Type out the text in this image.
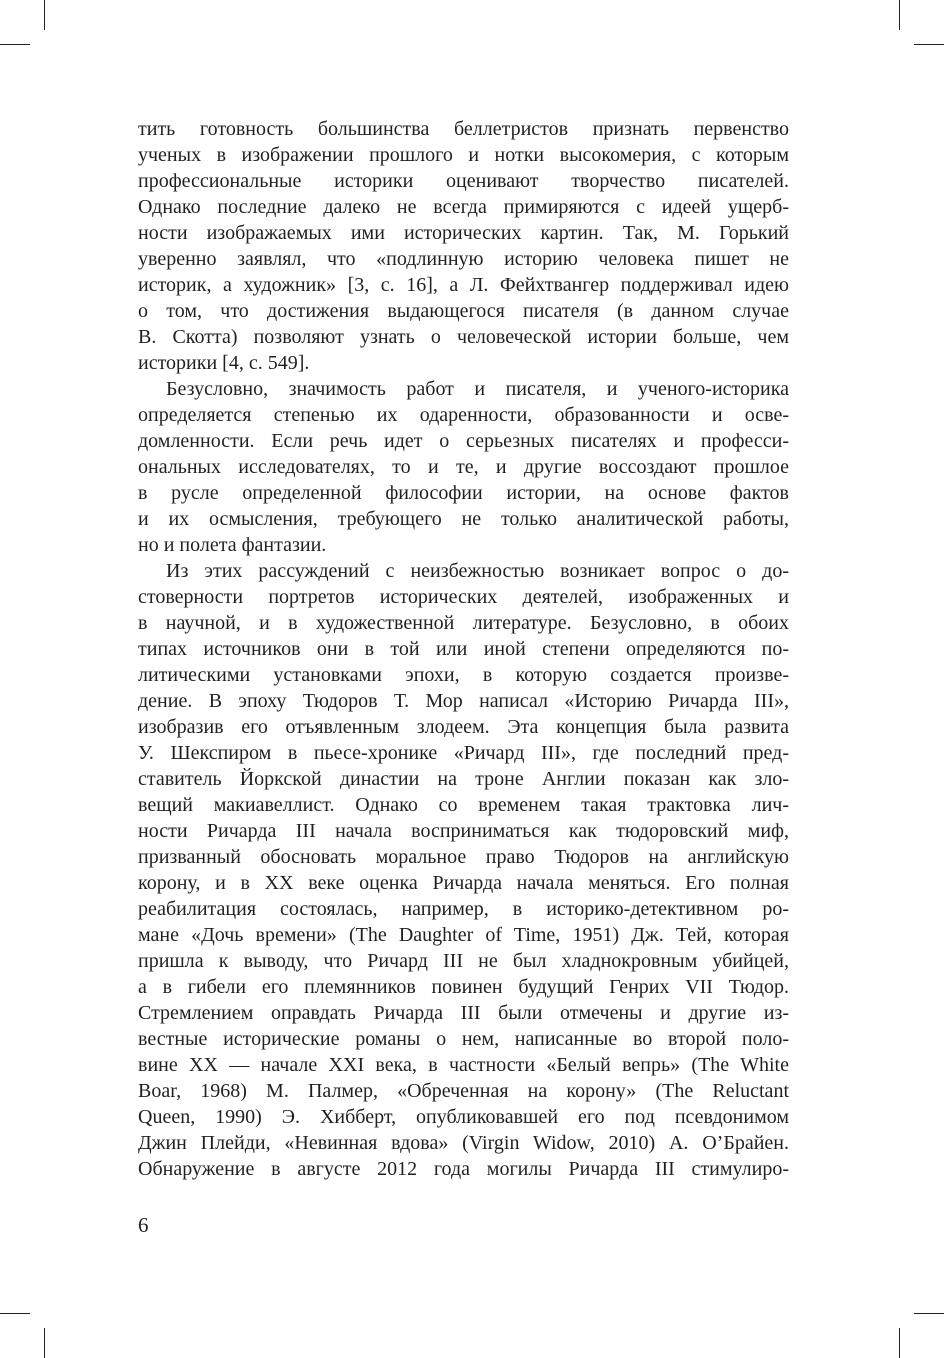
тить готовность большинства беллетристов признать первенство
ученых в изображении прошлого и нотки высокомерия, с которым
профессиональные историки оценивают творчество писателей.
Однако последние далеко не всегда примиряются с идеей ущерб-
ности изображаемых ими исторических картин. Так, М. Горький
уверенно заявлял, что «подлинную историю человека пишет не
историк, а художник» [3, с. 16], а Л. Фейхтвангер поддерживал идею
о том, что достижения выдающегося писателя (в данном случае
В. Скотта) позволяют узнать о человеческой истории больше, чем
историки [4, с. 549].
Безусловно, значимость работ и писателя, и ученого-историка
определяется степенью их одаренности, образованности и осве-
домленности. Если речь идет о серьезных писателях и професси-
ональных исследователях, то и те, и другие воссоздают прошлое
в русле определенной философии истории, на основе фактов
и их осмысления, требующего не только аналитической работы,
но и полета фантазии.
Из этих рассуждений с неизбежностью возникает вопрос о до-
стоверности портретов исторических деятелей, изображенных и
в научной, и в художественной литературе. Безусловно, в обоих
типах источников они в той или иной степени определяются по-
литическими установками эпохи, в которую создается произве-
дение. В эпоху Тюдоров Т. Мор написал «Историю Ричарда III»,
изобразив его отъявленным злодеем. Эта концепция была развита
У. Шекспиром в пьесе-хронике «Ричард III», где последний пред-
ставитель Йоркской династии на троне Англии показан как зло-
вещий макиавеллист. Однако со временем такая трактовка лич-
ности Ричарда III начала восприниматься как тюдоровский миф,
призванный обосновать моральное право Тюдоров на английскую
корону, и в XX веке оценка Ричарда начала меняться. Его полная
реабилитация состоялась, например, в историко-детективном ро-
мане «Дочь времени» (The Daughter of Time, 1951) Дж. Тей, которая
пришла к выводу, что Ричард III не был хладнокровным убийцей,
а в гибели его племянников повинен будущий Генрих VII Тюдор.
Стремлением оправдать Ричарда III были отмечены и другие из-
вестные исторические романы о нем, написанные во второй поло-
вине XX — начале XXI века, в частности «Белый вепрь» (The White
Boar, 1968) М. Палмер, «Обреченная на корону» (The Reluctant
Queen, 1990) Э. Хибберт, опубликовавшей его под псевдонимом
Джин Плейди, «Невинная вдова» (Virgin Widow, 2010) А. О’Брайен.
Обнаружение в августе 2012 года могилы Ричарда III стимулиро-
6
